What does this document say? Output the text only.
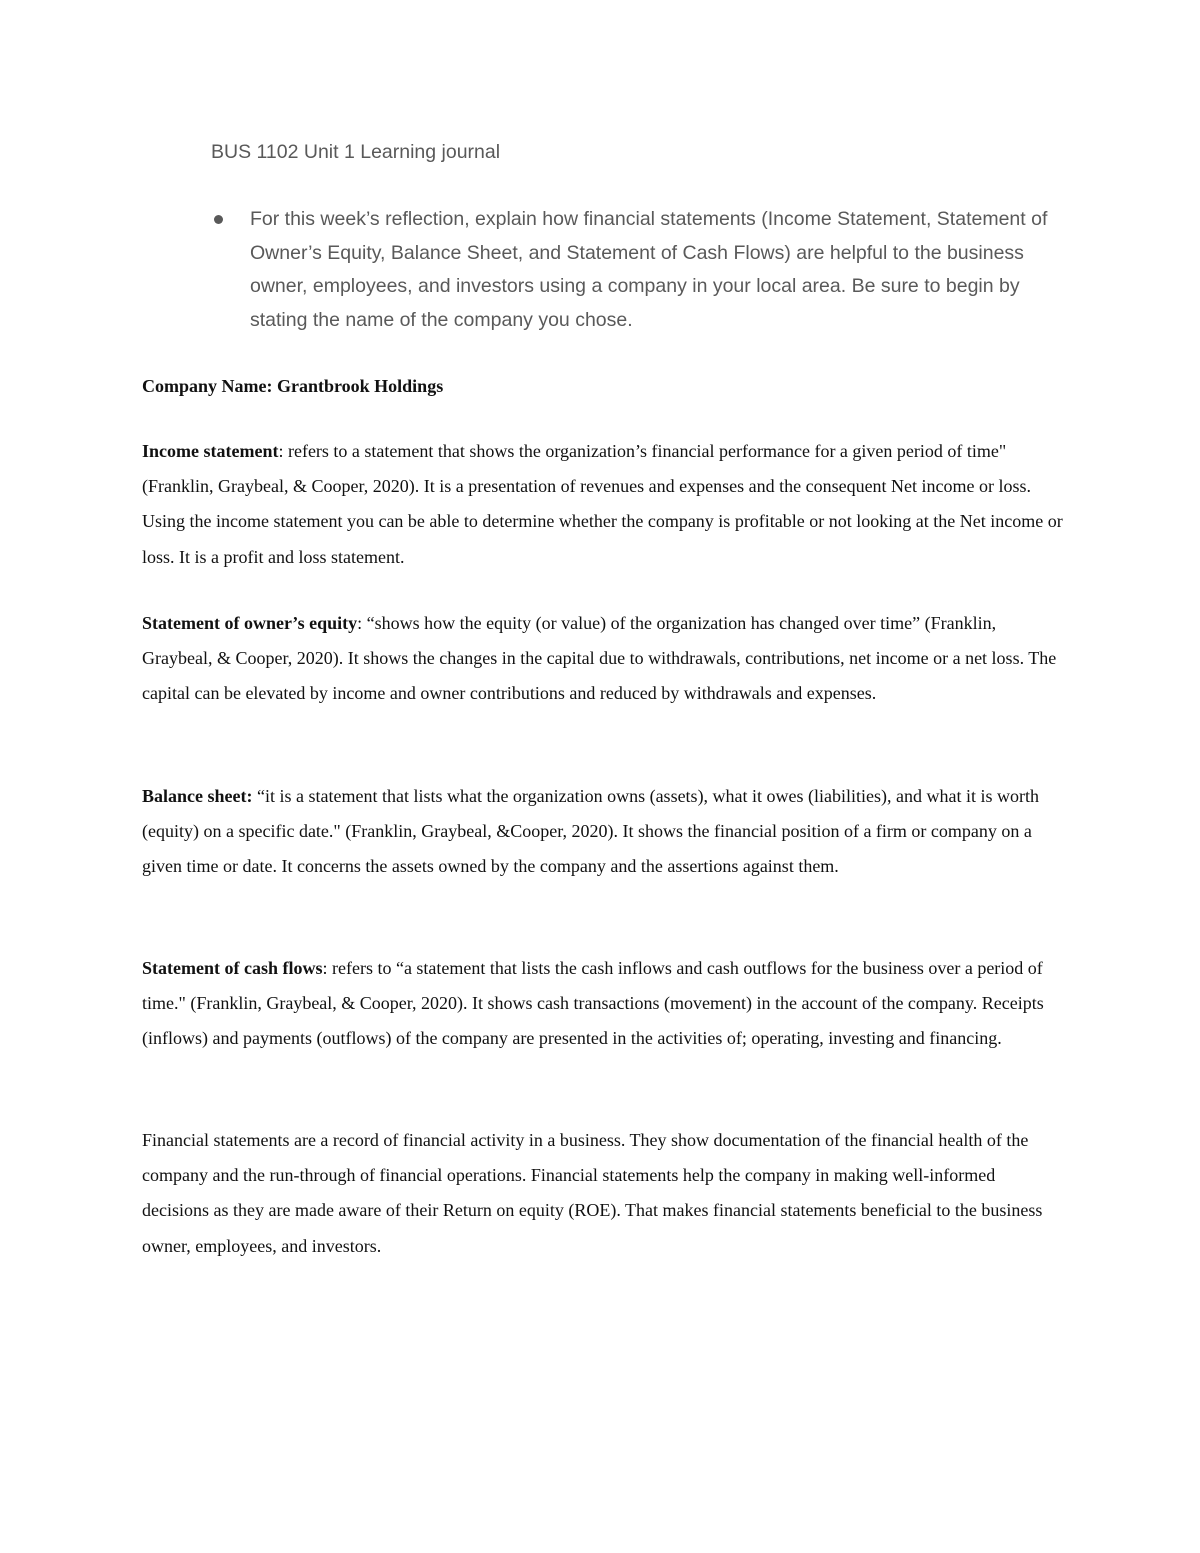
BUS 1102 Unit 1 Learning journal
For this week’s reflection, explain how financial statements (Income Statement, Statement of Owner’s Equity, Balance Sheet, and Statement of Cash Flows) are helpful to the business owner, employees, and investors using a company in your local area. Be sure to begin by stating the name of the company you chose.

Company Name: Grantbrook Holdings

Income statement: refers to a statement that shows the organization’s financial performance for a given period of time" (Franklin, Graybeal, & Cooper, 2020). It is a presentation of revenues and expenses and the consequent Net income or loss. Using the income statement you can be able to determine whether the company is profitable or not looking at the Net income or loss. It is a profit and loss statement.

Statement of owner’s equity: “shows how the equity (or value) of the organization has changed over time” (Franklin, Graybeal, & Cooper, 2020). It shows the changes in the capital due to withdrawals, contributions, net income or a net loss. The capital can be elevated by income and owner contributions and reduced by withdrawals and expenses.

Balance sheet: “it is a statement that lists what the organization owns (assets), what it owes (liabilities), and what it is worth (equity) on a specific date." (Franklin, Graybeal, &Cooper, 2020). It shows the financial position of a firm or company on a given time or date. It concerns the assets owned by the company and the assertions against them.

Statement of cash flows: refers to “a statement that lists the cash inflows and cash outflows for the business over a period of time." (Franklin, Graybeal, & Cooper, 2020). It shows cash transactions (movement) in the account of the company. Receipts (inflows) and payments (outflows) of the company are presented in the activities of; operating, investing and financing.

Financial statements are a record of financial activity in a business. They show documentation of the financial health of the company and the run-through of financial operations. Financial statements help the company in making well-informed decisions as they are made aware of their Return on equity (ROE). That makes financial statements beneficial to the business owner, employees, and investors.
